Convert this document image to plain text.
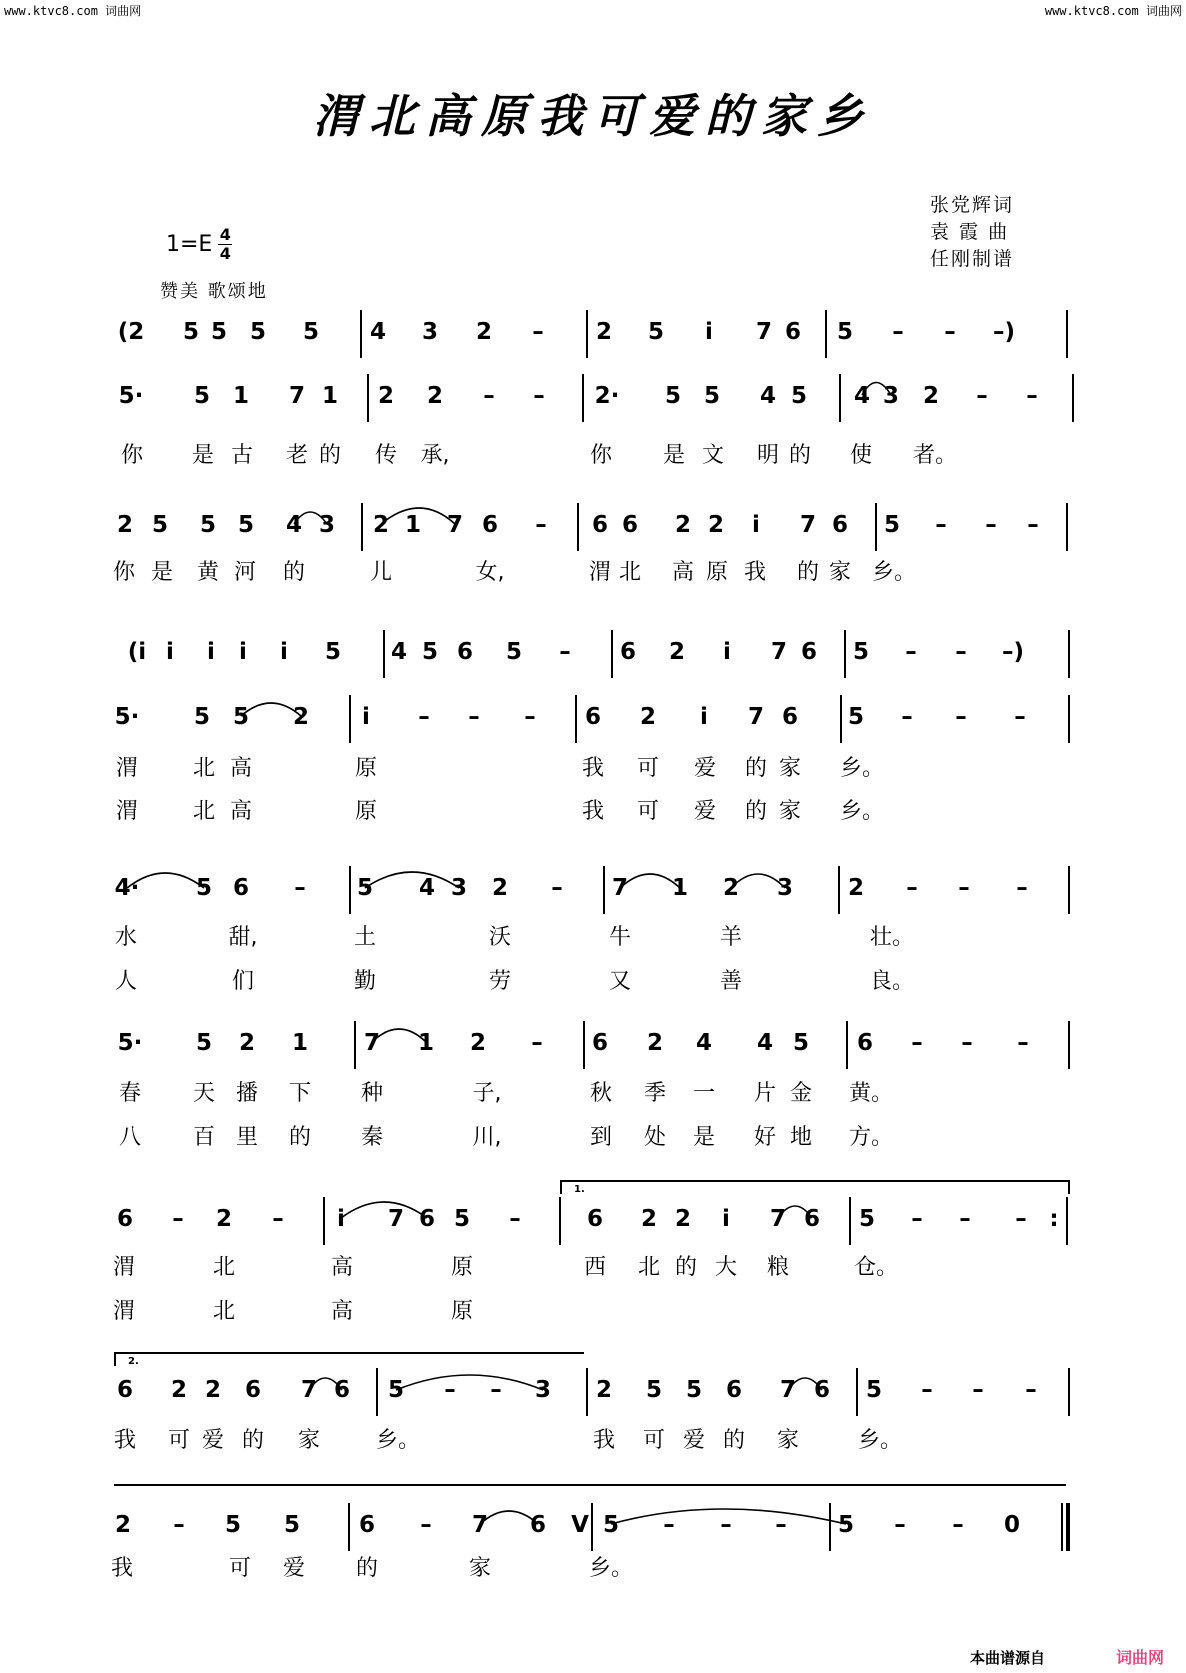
www.ktvc8.com 词曲网	www.ktvc8.com 词曲网
渭北高原我可爱的家乡
张党辉词
袁 霞 曲
任刚制谱
$1=E \frac{4}{4}$
赞美 歌颂地
(2 5 5 5 5 4 3 2 – 2 5 i 7 6 5 – – –)
5· 5 1 7 1 2 2 – – 2· 5 5 4 5 4 3 2 – –
2 5 5 5 4 3 2 1 7 6 – 6 6 2 2 i 7 6 5 – – –
(i i i i i 5 4 5 6 5 – 6 2 i 7 6 5 – – –)
5· 5 5 2 i – – – 6 2 i 7 6 5 – – –
4· 5 6 – 5 4 3 2 – 7 1 2 3 2 – – –
5· 5 2 1 7 1 2 – 6 2 4 4 5 6 – – –
6 – 2 – i 7 6 5 –	6 2 2 i 7 6 5 – – – :
6 2 2 6 7 6 5 – – 3 2 5 5 6 7 6 5 – – –
2 – 5 5	6 – 7 6 V 5 – – – 5 – – 0
你 是 古 老 的 传 承,	你 是 文 明 的 使 者。
你 是 黄 河 的	儿	女,	渭 北 高 原 我 的 家 乡。
渭 北 高	原	我 可 爱 的 家 乡。
渭 北 高	原	我 可 爱 的 家 乡。
水	甜,	土	沃	牛	羊	壮。
人	们	勤	劳	又	善	良。
春 天 播 下 种	子,	秋 季 一 片 金 黄。
八 百 里 的 秦	川,	到 处 是 好 地 方。
渭	北	高	原	西 北 的 大 粮	仓。
渭	北	高	原
我 可 爱 的 家	乡。	我 可 爱 的 家	乡。
我	可 爱 的	家	乡。
1.
2.
本曲谱源自	词曲网
